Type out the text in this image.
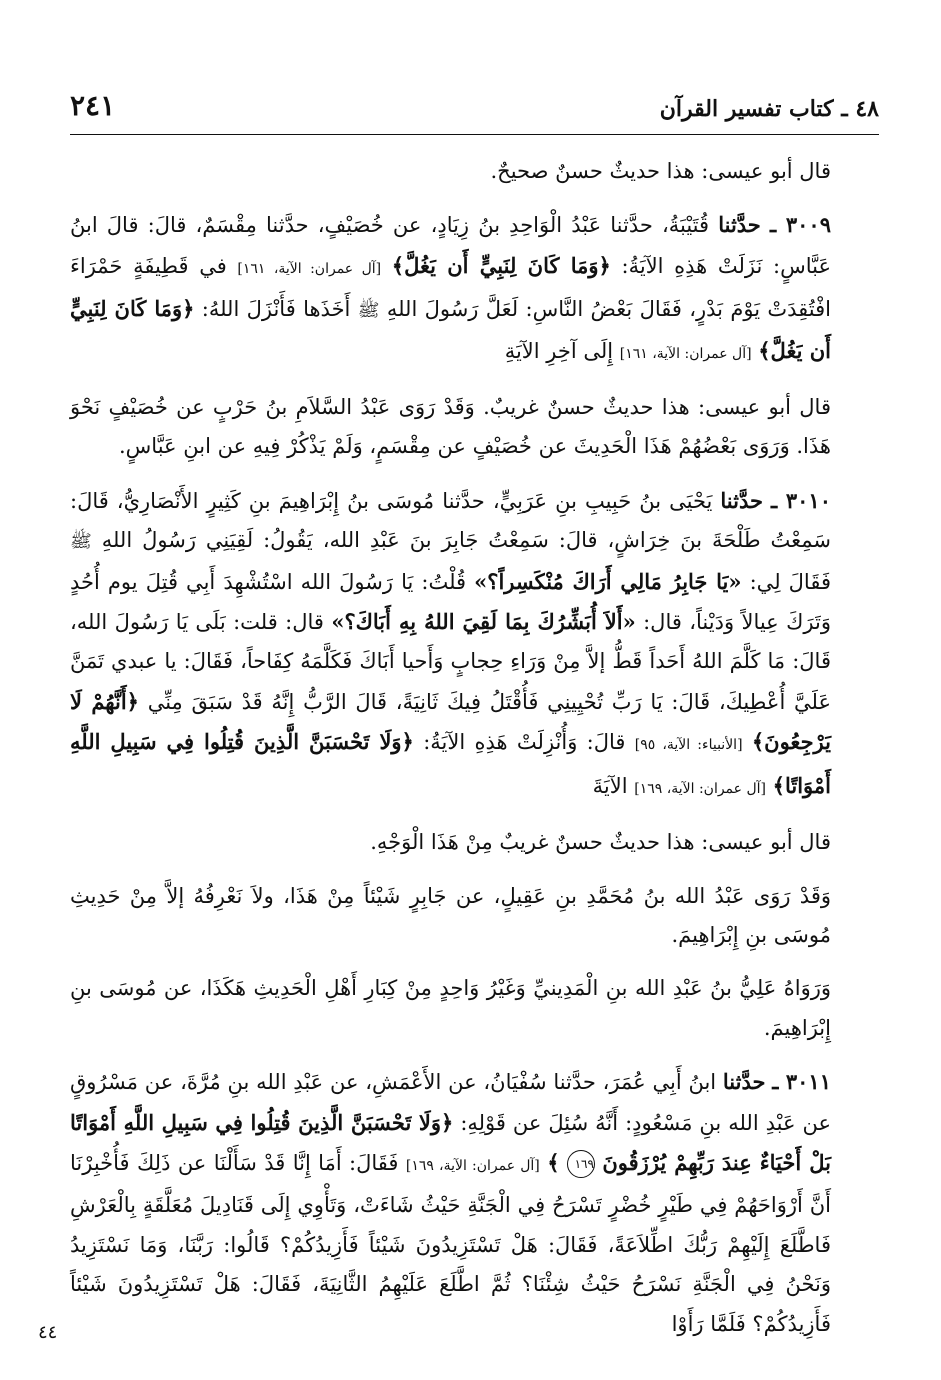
٢٤١	٤٨ ـ كتاب تفسير القرآن

قال أبو عيسى: هذا حديثٌ حسنٌ صحيحٌ.

٣٠٠٩ ـ حدَّثنا قُتَيْبَةُ، حدَّثنا عَبْدُ الْوَاحِدِ بنُ زِيَادٍ، عن خُصَيْفٍ، حدَّثنا مِقْسَمٌ، قالَ: قالَ ابنُ عَبَّاسٍ: نَزَلَتْ هَذِهِ الآيَةُ: ﴿وَمَا كَانَ لِنَبِيٍّ أَن يَغُلَّ﴾ [آل عمران: الآية، ١٦١] في قَطِيفَةٍ حَمْرَاءَ افْتُقِدَتْ يَوْمَ بَدْرٍ، فَقَالَ بَعْضُ النَّاسِ: لَعَلَّ رَسُولَ اللهِ ﷺ أَخَذَها فَأَنْزَلَ اللهُ: ﴿وَمَا كَانَ لِنَبِيٍّ أَن يَغُلَّ﴾ [آل عمران: الآية، ١٦١] إِلَى آخِرِ الآيَةِ

قال أبو عيسى: هذا حديثٌ حسنٌ غريبٌ. وَقَدْ رَوَى عَبْدُ السَّلاَمِ بنُ حَرْبٍ عن خُصَيْفٍ نَحْوَ هَذَا. وَرَوَى بَعْضُهُمْ هَذَا الْحَدِيثَ عن خُصَيْفٍ عن مِقْسَمٍ، وَلَمْ يَذْكُرْ فِيهِ عن ابنِ عَبَّاسٍ.

٣٠١٠ ـ حدَّثنا يَحْيَى بنُ حَبِيبِ بنِ عَرَبِيٍّ، حدَّثنا مُوسَى بنُ إِبْرَاهِيمَ بنِ كَثِيرٍ الأَنْصَارِيُّ، قَالَ: سَمِعْتُ طَلْحَةَ بنَ خِرَاشٍ، قالَ: سَمِعْتُ جَابِرَ بنَ عَبْدِ الله، يَقُولُ: لَقِيَنِي رَسُولُ اللهِ ﷺ فَقَالَ لِي: «يَا جَابِرُ مَالِي أَرَاكَ مُنْكَسِراً؟» قُلْتُ: يَا رَسُولَ الله اسْتُشْهِدَ أَبِي قُتِلَ يوم أُحُدٍ وَتَرَكَ عِيالاً وَدَيْناً، قال: «أَلاَ أُبَشِّرُكَ بِمَا لَقِيَ اللهُ بِهِ أَبَاكَ؟» قال: قلت: بَلَى يَا رَسُولَ الله، قَالَ: مَا كَلَّمَ اللهُ أَحَداً قَطُّ إلاَّ مِنْ وَرَاءِ حِجابٍ وَأَحيا أَبَاكَ فَكَلَّمَهُ كِفَاحاً، فَقَالَ: يا عبدي تَمَنَّ عَلَيَّ أُعْطِيكَ، قَالَ: يَا رَبِّ تُحْيِينِي فَأُقْتَلُ فِيكَ ثَانِيَةً، قَالَ الرَّبُّ إِنَّهُ قَدْ سَبَقَ مِنِّي ﴿أَنَّهُمْ لَا يَرْجِعُونَ﴾ [الأنبياء: الآية، ٩٥] قالَ: وَأُنْزِلَتْ هَذِهِ الآيَةُ: ﴿وَلَا تَحْسَبَنَّ الَّذِينَ قُتِلُوا فِي سَبِيلِ اللَّهِ أَمْوَاتًا﴾ [آل عمران: الآية، ١٦٩] الآيَةَ

قال أبو عيسى: هذا حديثٌ حسنٌ غريبٌ مِنْ هَذَا الْوَجْهِ.

وَقَدْ رَوَى عَبْدُ الله بنُ مُحَمَّدِ بنِ عَقِيلٍ، عن جَابِرٍ شَيْئاً مِنْ هَذَا، ولاَ نَعْرِفُهُ إلاَّ مِنْ حَدِيثِ مُوسَى بنِ إِبْرَاهِيمَ.

وَرَوَاهُ عَلِيُّ بنُ عَبْدِ الله بنِ الْمَدِينيِّ وَغَيْرُ وَاحِدٍ مِنْ كِبَارِ أَهْلِ الْحَدِيثِ هَكَذَا، عن مُوسَى بنِ إِبْرَاهِيمَ.

٣٠١١ ـ حدَّثنا ابنُ أَبِي عُمَرَ، حدَّثنا سُفْيَانُ، عن الأَعْمَشِ، عن عَبْدِ الله بنِ مُرَّةَ، عن مَسْرُوقٍ عن عَبْدِ الله بنِ مَسْعُودٍ: أَنَّهُ سُئِلَ عن قَوْلِهِ: ﴿وَلَا تَحْسَبَنَّ الَّذِينَ قُتِلُوا فِي سَبِيلِ اللَّهِ أَمْوَاتًا بَلْ أَحْيَاءٌ عِندَ رَبِّهِمْ يُرْزَقُونَ ١٦٩ ﴾ [آل عمران: الآية، ١٦٩] فَقَالَ: أَمَا إِنَّا قَدْ سَأَلْنَا عن ذَلِكَ فَأُخْبِرْنَا أَنَّ أَرْوَاحَهُمْ فِي طَيْرٍ خُضْرٍ تَسْرَحُ فِي الْجَنَّةِ حَيْثُ شَاءَتْ، وَتَأْوِي إِلَى قَنَادِيلَ مُعَلَّقَةٍ بِالْعَرْشِ فَاطَّلَعَ إِلَيْهِمْ رَبُّكَ اطِّلاَعَةً، فَقَالَ: هَلْ تَسْتَزِيدُونَ شَيْئاً فَأَزِيدُكُمْ؟ قَالُوا: رَبَّنَا، وَمَا نَسْتَزِيدُ وَنَحْنُ فِي الْجَنَّةِ نَسْرَحُ حَيْثُ شِئْنَا؟ ثُمَّ اطَّلَعَ عَلَيْهِمُ الثَّانِيَةَ، فَقَالَ: هَلْ تَسْتَزِيدُونَ شَيْئاً فَأَزِيدُكُمْ؟ فَلَمَّا رَأَوْا

٤٤
